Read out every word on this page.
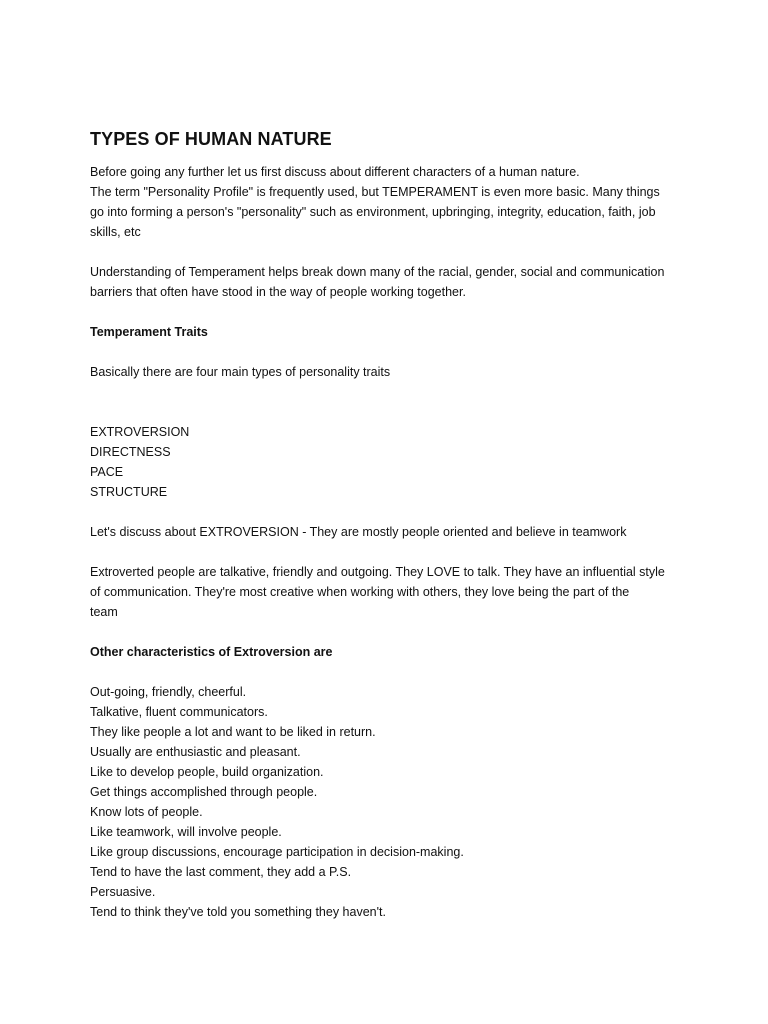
TYPES OF HUMAN NATURE

Before going any further let us first discuss about different characters of a human nature.

The term "Personality Profile" is frequently used, but TEMPERAMENT is even more basic. Many things

go into forming a person's "personality" such as environment, upbringing, integrity, education, faith, job

skills, etc

Understanding of Temperament helps break down many of the racial, gender, social and communication

barriers that often have stood in the way of people working together.

Temperament Traits

Basically there are four main types of personality traits

EXTROVERSION

DIRECTNESS

PACE

STRUCTURE

Let's discuss about EXTROVERSION - They are mostly people oriented and believe in teamwork

Extroverted people are talkative, friendly and outgoing. They LOVE to talk. They have an influential style

of communication. They're most creative when working with others, they love being the part of the

team

Other characteristics of Extroversion are

Out-going, friendly, cheerful.

Talkative, fluent communicators.

They like people a lot and want to be liked in return.

Usually are enthusiastic and pleasant.

Like to develop people, build organization.

Get things accomplished through people.

Know lots of people.

Like teamwork, will involve people.

Like group discussions, encourage participation in decision-making.

Tend to have the last comment, they add a P.S.

Persuasive.

Tend to think they've told you something they haven't.
